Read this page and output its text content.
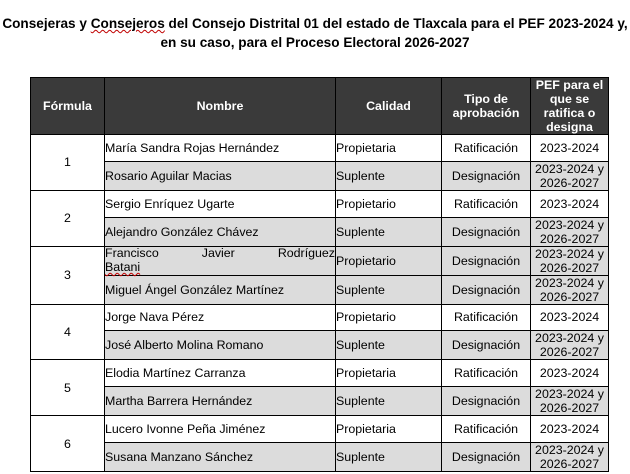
Consejeras y Consejeros del Consejo Distrital 01 del estado de Tlaxcala para el PEF 2023-2024 y,
en su caso, para el Proceso Electoral 2026-2027

Fórmula	Nombre	Calidad	Tipo de aprobación	PEF para el que se ratifica o designa
1	María Sandra Rojas Hernández	Propietaria	Ratificación	2023-2024
	Rosario Aguilar Macias	Suplente	Designación	2023-2024 y 2026-2027
2	Sergio Enríquez Ugarte	Propietario	Ratificación	2023-2024
	Alejandro González Chávez	Suplente	Designación	2023-2024 y 2026-2027
3	Francisco Javier Rodríguez
Batani	Propietario	Designación	2023-2024 y 2026-2027
	Miguel Ángel González Martínez	Suplente	Designación	2023-2024 y 2026-2027
4	Jorge Nava Pérez	Propietario	Ratificación	2023-2024
	José Alberto Molina Romano	Suplente	Designación	2023-2024 y 2026-2027
5	Elodia Martínez Carranza	Propietaria	Ratificación	2023-2024
	Martha Barrera Hernández	Suplente	Designación	2023-2024 y 2026-2027
6	Lucero Ivonne Peña Jiménez	Propietaria	Ratificación	2023-2024
	Susana Manzano Sánchez	Suplente	Designación	2023-2024 y 2026-2027
